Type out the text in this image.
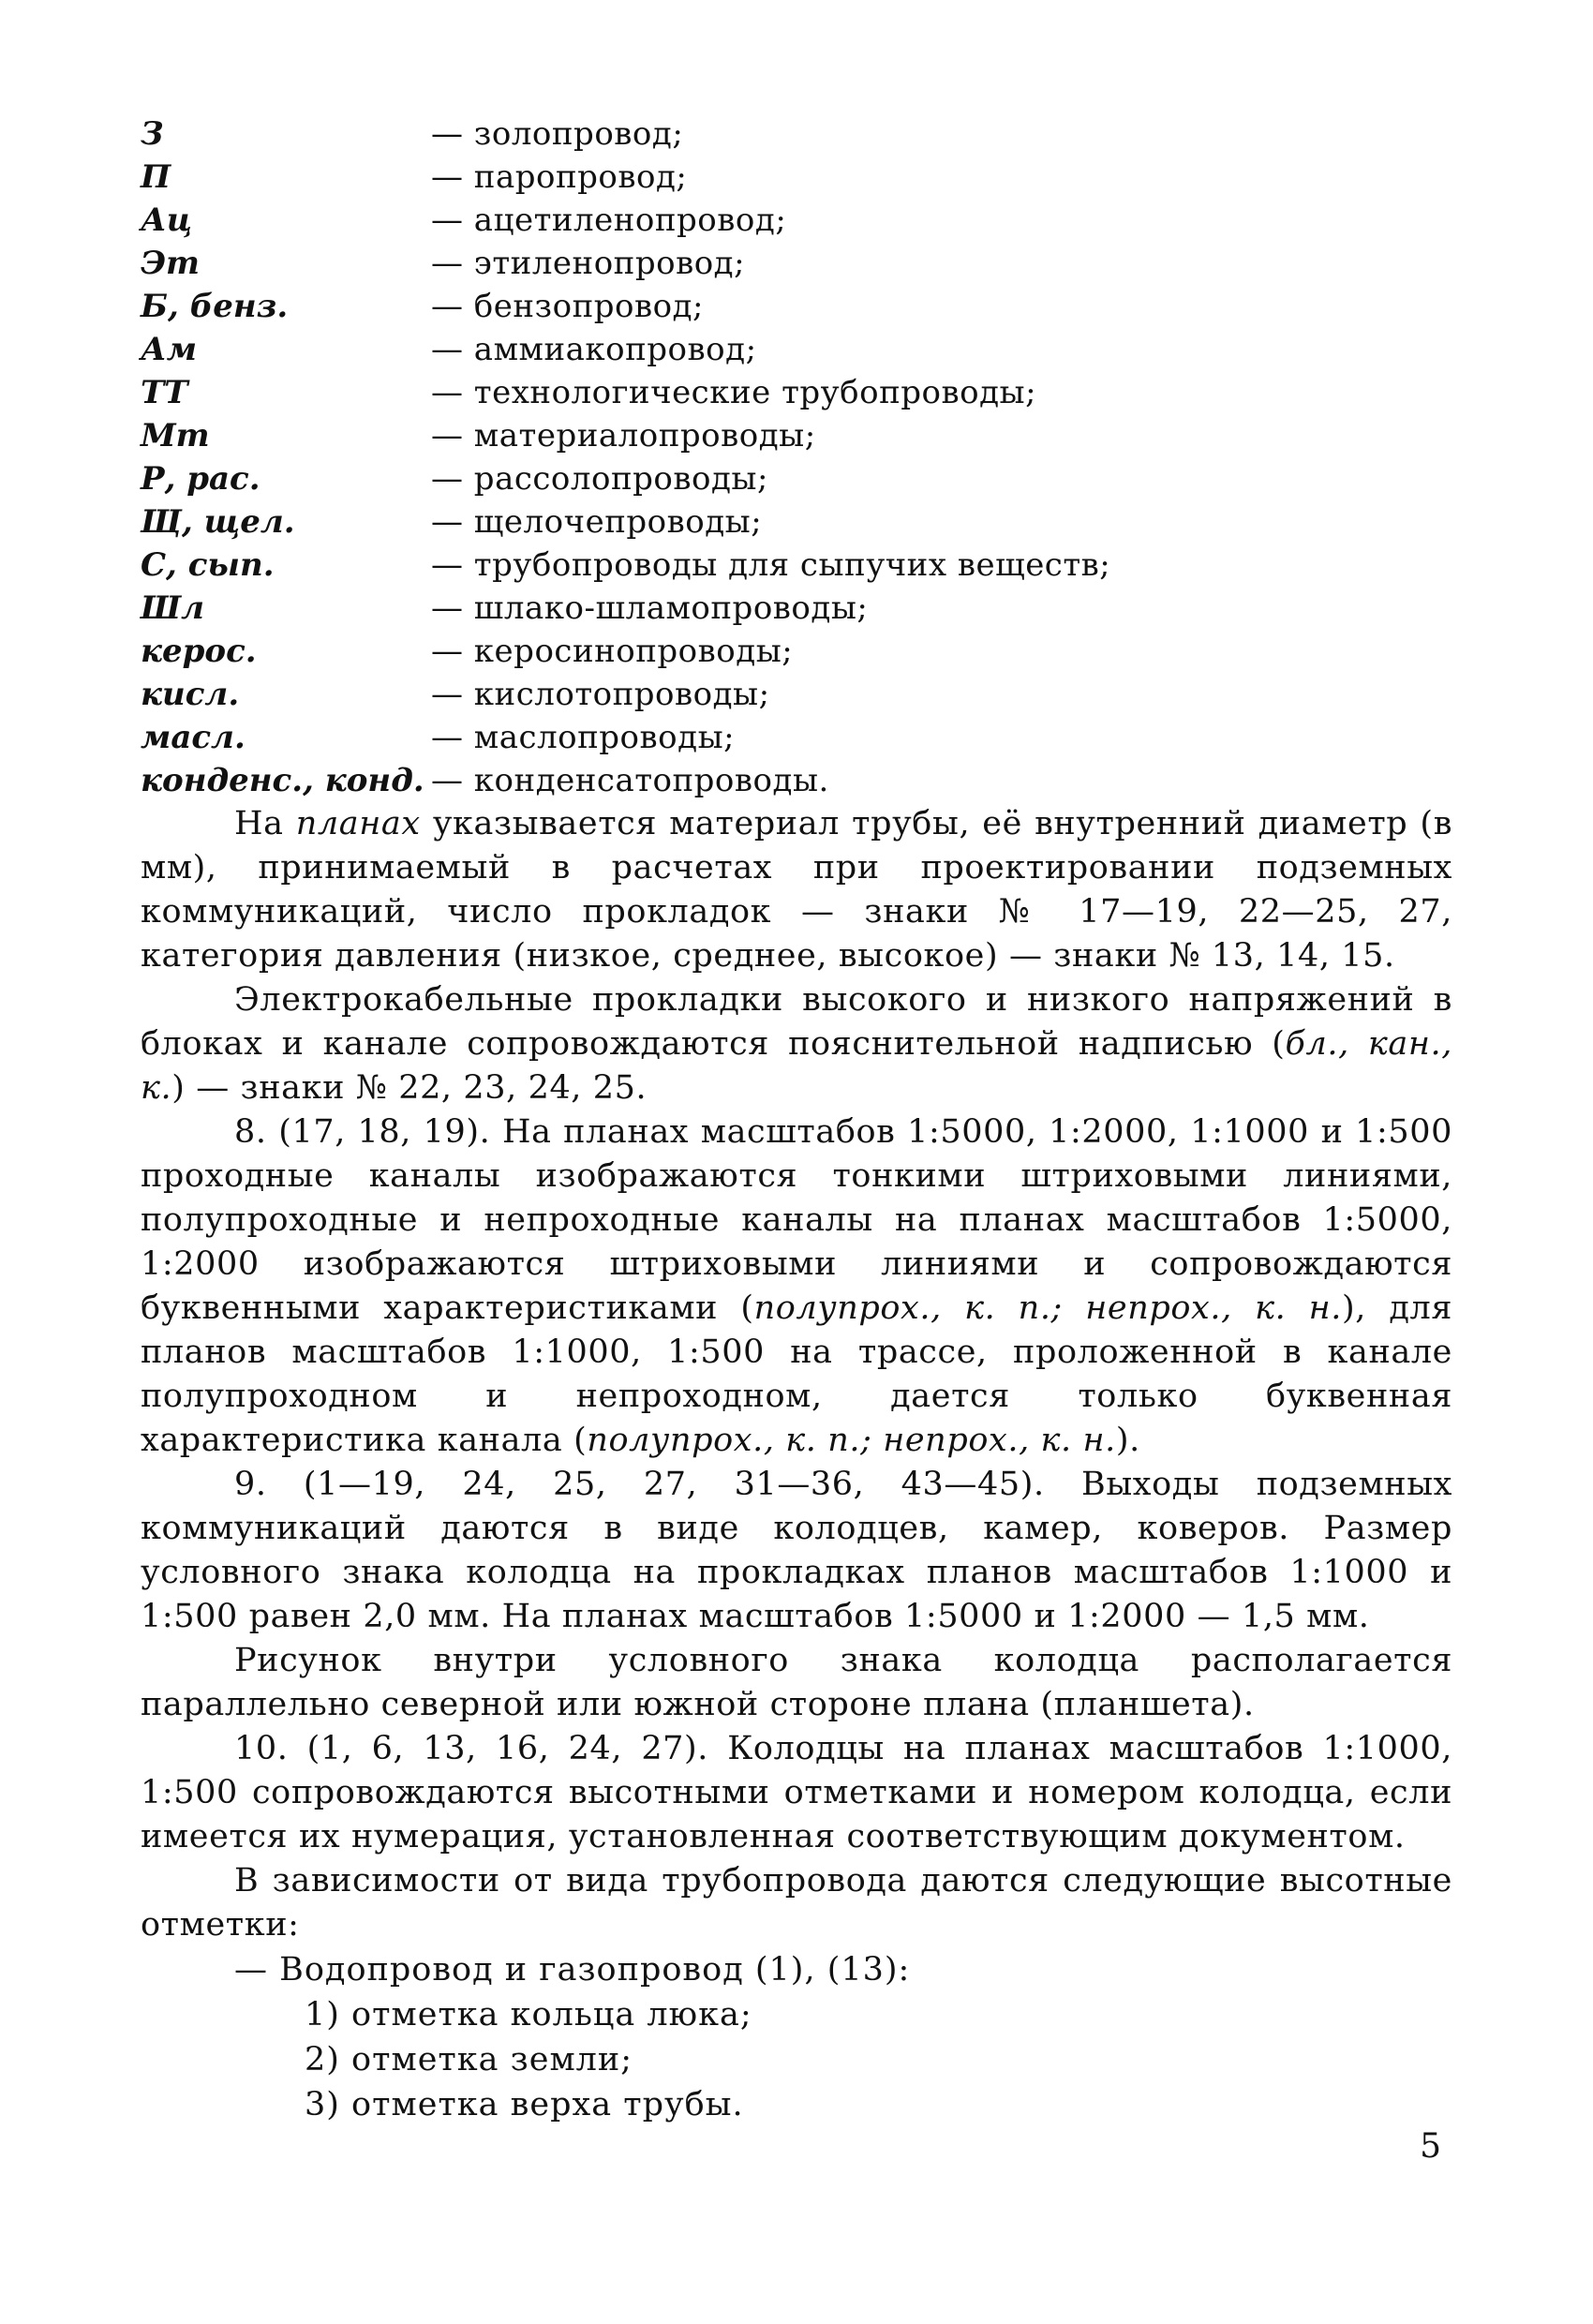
З	— золопровод;
П	— паропровод;
Ац	— ацетиленопровод;
Эт	— этиленопровод;
Б, бенз.	— бензопровод;
Ам	— аммиакопровод;
ТТ	— технологические трубопроводы;
Мт	— материалопроводы;
Р, рас.	— рассолопроводы;
Щ, щел.	— щелочепроводы;
С, сып.	— трубопроводы для сыпучих веществ;
Шл	— шлако-шламопроводы;
керос.	— керосинопроводы;
кисл.	— кислотопроводы;
масл.	— маслопроводы;
конденс., конд. — конденсатопроводы.

На планах указывается материал трубы, её внутренний диаметр (в мм), принимаемый в расчетах при проектировании подземных коммуникаций, число прокладок — знаки № 17—19, 22—25, 27, категория давления (низкое, среднее, высокое) — знаки № 13, 14, 15.

Электрокабельные прокладки высокого и низкого напряжений в блоках и канале сопровождаются пояснительной надписью (бл., кан., к.) — знаки № 22, 23, 24, 25.

8. (17, 18, 19). На планах масштабов 1:5000, 1:2000, 1:1000 и 1:500 проходные каналы изображаются тонкими штриховыми линиями, полупроходные и непроходные каналы на планах масштабов 1:5000, 1:2000 изображаются штриховыми линиями и сопровождаются буквенными характеристиками (полупрох., к. п.; непрох., к. н.), для планов масштабов 1:1000, 1:500 на трассе, проложенной в канале полупроходном и непроходном, дается только буквенная характеристика канала (полупрох., к. п.; непрох., к. н.).

9. (1—19, 24, 25, 27, 31—36, 43—45). Выходы подземных коммуникаций даются в виде колодцев, камер, коверов. Размер условного знака колодца на прокладках планов масштабов 1:1000 и 1:500 равен 2,0 мм. На планах масштабов 1:5000 и 1:2000 — 1,5 мм.

Рисунок внутри условного знака колодца располагается параллельно северной или южной стороне плана (планшета).

10. (1, 6, 13, 16, 24, 27). Колодцы на планах масштабов 1:1000, 1:500 сопровождаются высотными отметками и номером колодца, если имеется их нумерация, установленная соответствующим документом.

В зависимости от вида трубопровода даются следующие высотные отметки:

— Водопровод и газопровод (1), (13):
1) отметка кольца люка;
2) отметка земли;
3) отметка верха трубы.
5
